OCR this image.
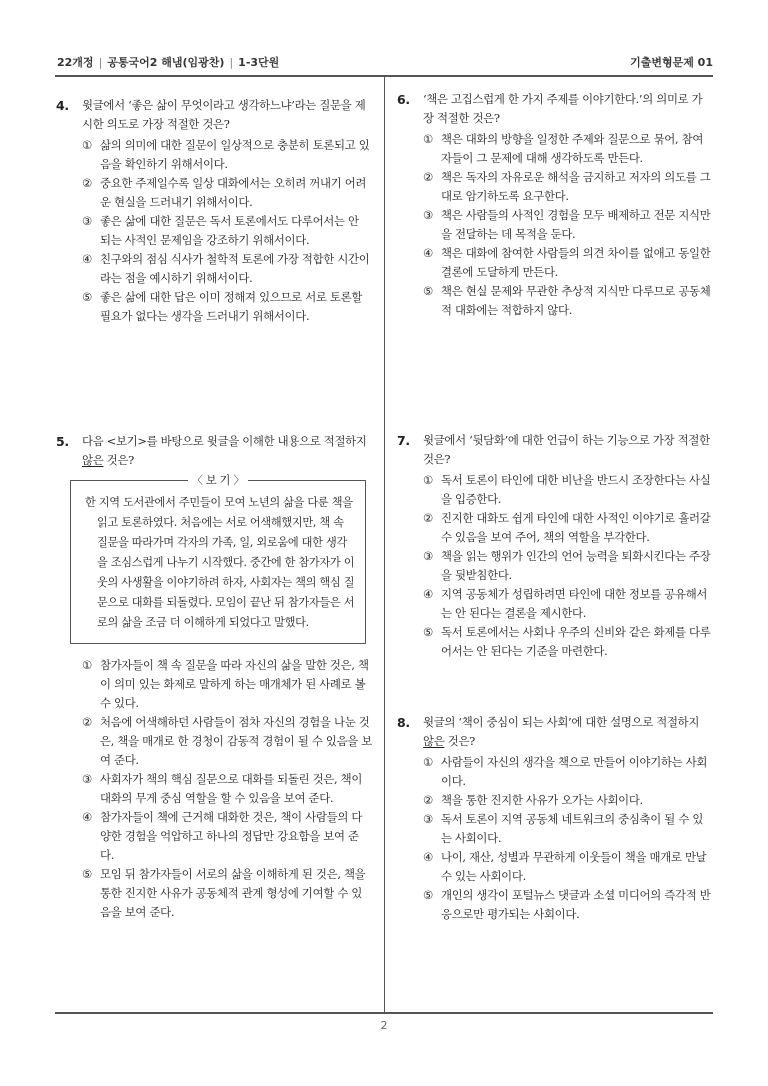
22개정 | 공통국어2 해냄(임광찬) | 1-3단원	기출변형문제 01
2
4. 윗글에서 ‘좋은 삶이 무엇이라고 생각하느냐’라는 질문을 제시한 의도로 가장 적절한 것은?
① 삶의 의미에 대한 질문이 일상적으로 충분히 토론되고 있음을 확인하기 위해서이다.
② 중요한 주제일수록 일상 대화에서는 오히려 꺼내기 어려운 현실을 드러내기 위해서이다.
③ 좋은 삶에 대한 질문은 독서 토론에서도 다루어서는 안 되는 사적인 문제임을 강조하기 위해서이다.
④ 친구와의 점심 식사가 철학적 토론에 가장 적합한 시간이라는 점을 예시하기 위해서이다.
⑤ 좋은 삶에 대한 답은 이미 정해져 있으므로 서로 토론할 필요가 없다는 생각을 드러내기 위해서이다.
5. 다음 <보기>를 바탕으로 윗글을 이해한 내용으로 적절하지 않은 것은?
〈 보 기 〉
한 지역 도서관에서 주민들이 모여 노년의 삶을 다룬 책을 읽고 토론하였다. 처음에는 서로 어색해했지만, 책 속 질문을 따라가며 각자의 가족, 일, 외로움에 대한 생각을 조심스럽게 나누기 시작했다. 중간에 한 참가자가 이웃의 사생활을 이야기하려 하자, 사회자는 책의 핵심 질문으로 대화를 되돌렸다. 모임이 끝난 뒤 참가자들은 서로의 삶을 조금 더 이해하게 되었다고 말했다.
① 참가자들이 책 속 질문을 따라 자신의 삶을 말한 것은, 책이 의미 있는 화제로 말하게 하는 매개체가 된 사례로 볼 수 있다.
② 처음에 어색해하던 사람들이 점차 자신의 경험을 나눈 것은, 책을 매개로 한 경청이 감동적 경험이 될 수 있음을 보여 준다.
③ 사회자가 책의 핵심 질문으로 대화를 되돌린 것은, 책이 대화의 무게 중심 역할을 할 수 있음을 보여 준다.
④ 참가자들이 책에 근거해 대화한 것은, 책이 사람들의 다양한 경험을 억압하고 하나의 정답만 강요함을 보여 준다.
⑤ 모임 뒤 참가자들이 서로의 삶을 이해하게 된 것은, 책을 통한 진지한 사유가 공동체적 관계 형성에 기여할 수 있음을 보여 준다.
6. ‘책은 고집스럽게 한 가지 주제를 이야기한다.’의 의미로 가장 적절한 것은?
① 책은 대화의 방향을 일정한 주제와 질문으로 묶어, 참여자들이 그 문제에 대해 생각하도록 만든다.
② 책은 독자의 자유로운 해석을 금지하고 저자의 의도를 그대로 암기하도록 요구한다.
③ 책은 사람들의 사적인 경험을 모두 배제하고 전문 지식만을 전달하는 데 목적을 둔다.
④ 책은 대화에 참여한 사람들의 의견 차이를 없애고 동일한 결론에 도달하게 만든다.
⑤ 책은 현실 문제와 무관한 추상적 지식만 다루므로 공동체적 대화에는 적합하지 않다.
7. 윗글에서 ‘뒷담화’에 대한 언급이 하는 기능으로 가장 적절한 것은?
① 독서 토론이 타인에 대한 비난을 반드시 조장한다는 사실을 입증한다.
② 진지한 대화도 쉽게 타인에 대한 사적인 이야기로 흘러갈 수 있음을 보여 주어, 책의 역할을 부각한다.
③ 책을 읽는 행위가 인간의 언어 능력을 퇴화시킨다는 주장을 뒷받침한다.
④ 지역 공동체가 성립하려면 타인에 대한 정보를 공유해서는 안 된다는 결론을 제시한다.
⑤ 독서 토론에서는 사회나 우주의 신비와 같은 화제를 다루어서는 안 된다는 기준을 마련한다.
8. 윗글의 ‘책이 중심이 되는 사회’에 대한 설명으로 적절하지 않은 것은?
① 사람들이 자신의 생각을 책으로 만들어 이야기하는 사회이다.
② 책을 통한 진지한 사유가 오가는 사회이다.
③ 독서 토론이 지역 공동체 네트워크의 중심축이 될 수 있는 사회이다.
④ 나이, 재산, 성별과 무관하게 이웃들이 책을 매개로 만날 수 있는 사회이다.
⑤ 개인의 생각이 포털뉴스 댓글과 소셜 미디어의 즉각적 반응으로만 평가되는 사회이다.
